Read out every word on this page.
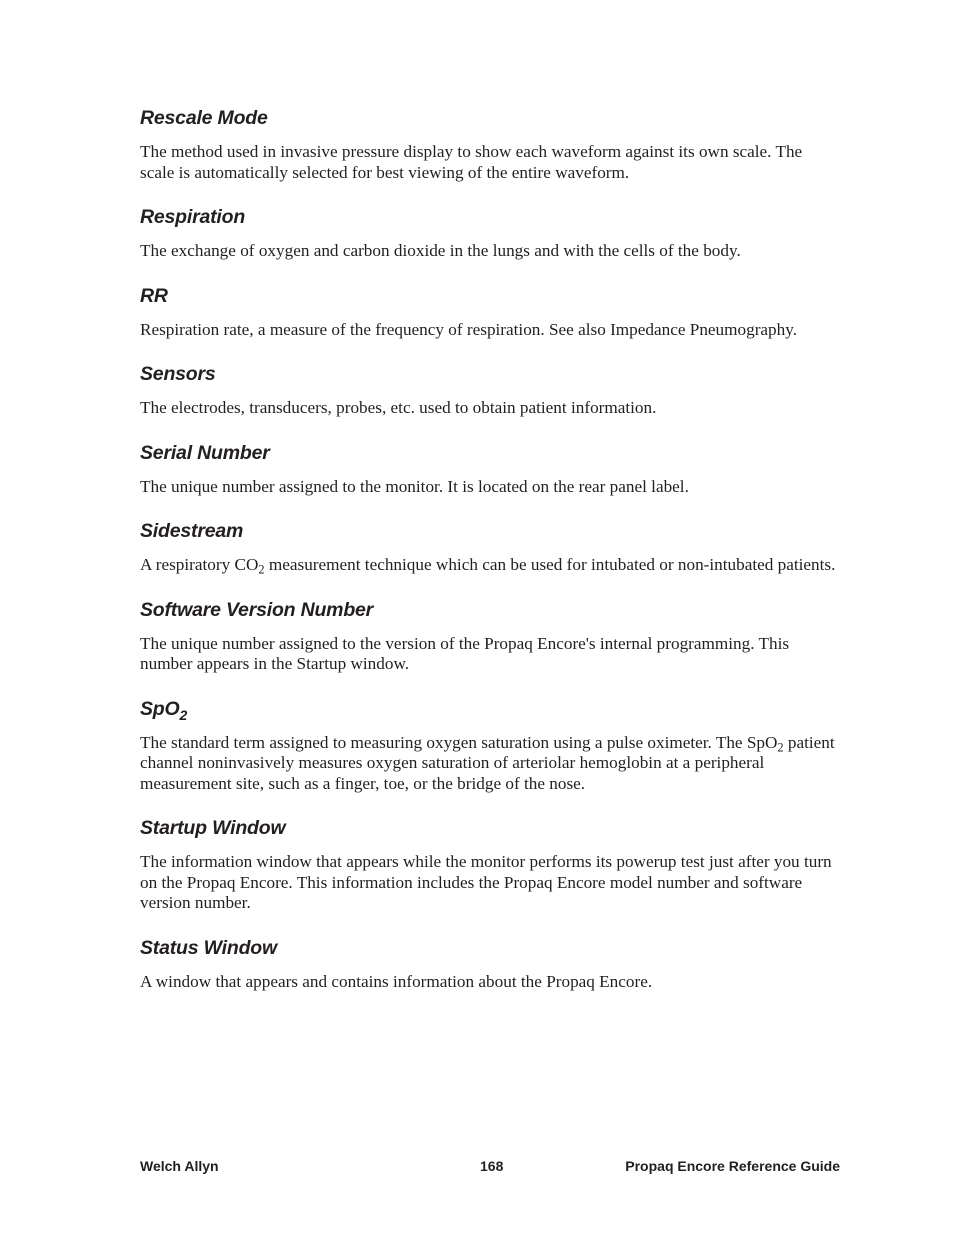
Rescale Mode

The method used in invasive pressure display to show each waveform against its own scale. The scale is automatically selected for best viewing of the entire waveform.

Respiration

The exchange of oxygen and carbon dioxide in the lungs and with the cells of the body.

RR

Respiration rate, a measure of the frequency of respiration. See also Impedance Pneumography.

Sensors

The electrodes, transducers, probes, etc. used to obtain patient information.

Serial Number

The unique number assigned to the monitor. It is located on the rear panel label.

Sidestream

A respiratory $CO_2$ measurement technique which can be used for intubated or non-intubated patients.

Software Version Number

The unique number assigned to the version of the Propaq Encore's internal programming. This number appears in the Startup window.

SpO$_2$

The standard term assigned to measuring oxygen saturation using a pulse oximeter. The SpO$_2$ patient channel noninvasively measures oxygen saturation of arteriolar hemoglobin at a peripheral measurement site, such as a finger, toe, or the bridge of the nose.

Startup Window

The information window that appears while the monitor performs its powerup test just after you turn on the Propaq Encore. This information includes the Propaq Encore model number and software version number.

Status Window

A window that appears and contains information about the Propaq Encore.

Welch Allyn	168	Propaq Encore Reference Guide
